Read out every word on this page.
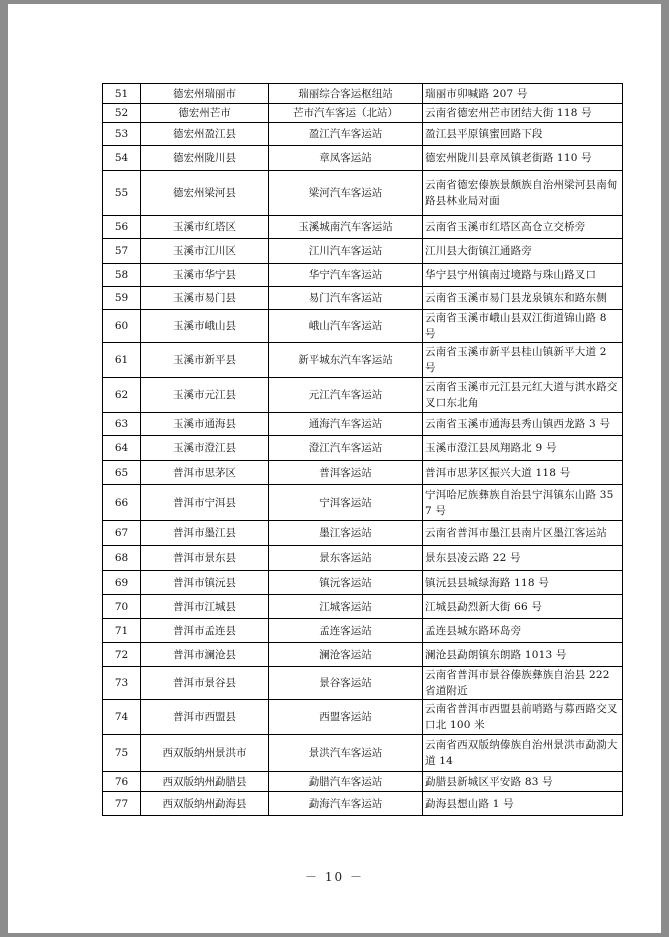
51	德宏州瑞丽市	瑞丽综合客运枢纽站	瑞丽市卯喊路 207 号
52	德宏州芒市	芒市汽车客运（北站）	云南省德宏州芒市团结大街 118 号
53	德宏州盈江县	盈江汽车客运站	盈江县平原镇蜜回路下段
54	德宏州陇川县	章凤客运站	德宏州陇川县章凤镇老街路 110 号
55	德宏州梁河县	梁河汽车客运站	云南省德宏傣族景颇族自治州梁河县南甸路县林业局对面
56	玉溪市红塔区	玉溪城南汽车客运站	云南省玉溪市红塔区高仓立交桥旁
57	玉溪市江川区	江川汽车客运站	江川县大街镇江通路旁
58	玉溪市华宁县	华宁汽车客运站	华宁县宁州镇南过境路与珠山路叉口
59	玉溪市易门县	易门汽车客运站	云南省玉溪市易门县龙泉镇东和路东侧
60	玉溪市峨山县	峨山汽车客运站	云南省玉溪市峨山县双江街道锦山路 8 号
61	玉溪市新平县	新平城东汽车客运站	云南省玉溪市新平县桂山镇新平大道 2 号
62	玉溪市元江县	元江汽车客运站	云南省玉溪市元江县元红大道与淇水路交叉口东北角
63	玉溪市通海县	通海汽车客运站	云南省玉溪市通海县秀山镇西龙路 3 号
64	玉溪市澄江县	澄江汽车客运站	玉溪市澄江县凤翔路北 9 号
65	普洱市思茅区	普洱客运站	普洱市思茅区振兴大道 118 号
66	普洱市宁洱县	宁洱客运站	宁洱哈尼族彝族自治县宁洱镇东山路 357 号
67	普洱市墨江县	墨江客运站	云南省普洱市墨江县南片区墨江客运站
68	普洱市景东县	景东客运站	景东县凌云路 22 号
69	普洱市镇沅县	镇沅客运站	镇沅县县城绿海路 118 号
70	普洱市江城县	江城客运站	江城县勐烈新大街 66 号
71	普洱市孟连县	孟连客运站	孟连县城东路环岛旁
72	普洱市澜沧县	澜沧客运站	澜沧县勐朗镇东朗路 1013 号
73	普洱市景谷县	景谷客运站	云南省普洱市景谷傣族彝族自治县 222 省道附近
74	普洱市西盟县	西盟客运站	云南省普洱市西盟县前哨路与募西路交叉口北 100 米
75	西双版纳州景洪市	景洪汽车客运站	云南省西双版纳傣族自治州景洪市勐泐大道 14
76	西双版纳州勐腊县	勐腊汽车客运站	勐腊县新城区平安路 83 号
77	西双版纳州勐海县	勐海汽车客运站	勐海县想山路 1 号
－ 10 －
